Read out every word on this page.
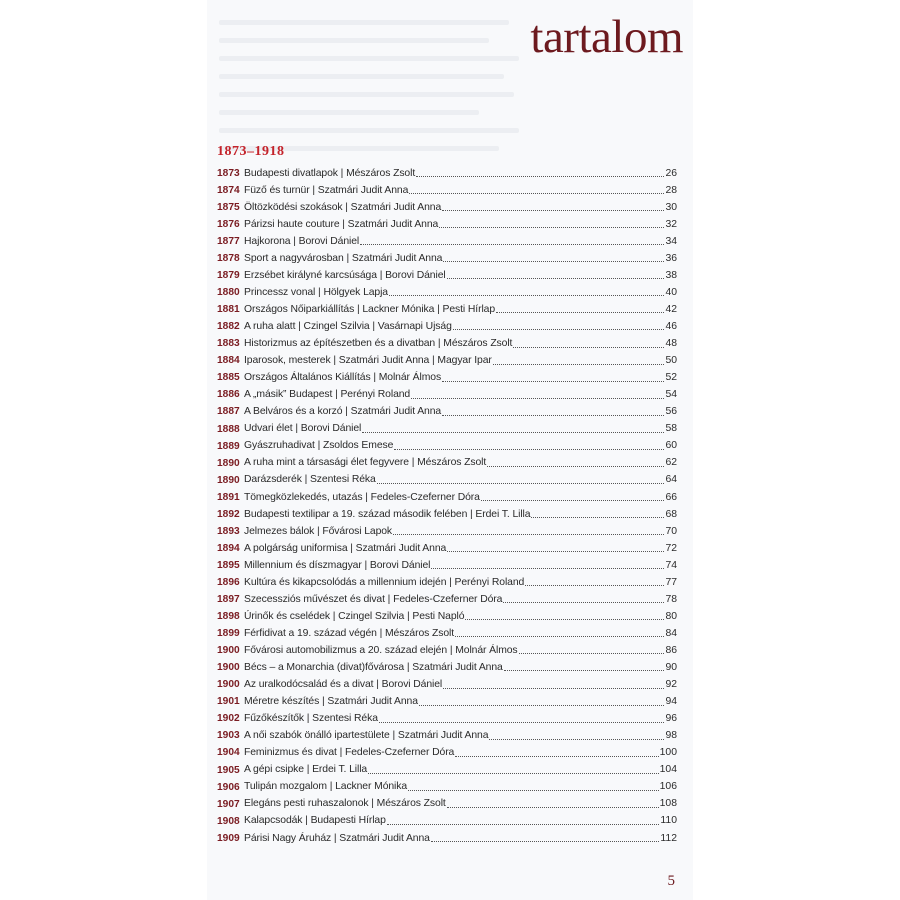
tartalom
1873–1918
1873 Budapesti divatlapok | Mészáros Zsolt	26
1874 Füző és turnür | Szatmári Judit Anna	28
1875 Öltözködési szokások | Szatmári Judit Anna	30
1876 Párizsi haute couture | Szatmári Judit Anna	32
1877 Hajkorona | Borovi Dániel	34
1878 Sport a nagyvárosban | Szatmári Judit Anna	36
1879 Erzsébet királyné karcsúsága | Borovi Dániel	38
1880 Princessz vonal | Hölgyek Lapja	40
1881 Országos Nőiparkiállítás | Lackner Mónika | Pesti Hírlap	42
1882 A ruha alatt | Czingel Szilvia | Vasárnapi Ujság	46
1883 Historizmus az építészetben és a divatban | Mészáros Zsolt	48
1884 Iparosok, mesterek | Szatmári Judit Anna | Magyar Ipar	50
1885 Országos Általános Kiállítás | Molnár Álmos	52
1886 A „másik” Budapest | Perényi Roland	54
1887 A Belváros és a korzó | Szatmári Judit Anna	56
1888 Udvari élet | Borovi Dániel	58
1889 Gyászruhadivat | Zsoldos Emese	60
1890 A ruha mint a társasági élet fegyvere | Mészáros Zsolt	62
1890 Darázsderék | Szentesi Réka	64
1891 Tömegközlekedés, utazás | Fedeles-Czeferner Dóra	66
1892 Budapesti textilipar a 19. század második felében | Erdei T. Lilla	68
1893 Jelmezes bálok | Fővárosi Lapok	70
1894 A polgárság uniformisa | Szatmári Judit Anna	72
1895 Millennium és díszmagyar | Borovi Dániel	74
1896 Kultúra és kikapcsolódás a millennium idején | Perényi Roland	77
1897 Szecessziós művészet és divat | Fedeles-Czeferner Dóra	78
1898 Úrinők és cselédek | Czingel Szilvia | Pesti Napló	80
1899 Férfidivat a 19. század végén | Mészáros Zsolt	84
1900 Fővárosi automobilizmus a 20. század elején | Molnár Álmos	86
1900 Bécs – a Monarchia (divat)fővárosa | Szatmári Judit Anna	90
1900 Az uralkodócsalád és a divat | Borovi Dániel	92
1901 Méretre készítés | Szatmári Judit Anna	94
1902 Fűzőkészítők | Szentesi Réka	96
1903 A női szabók önálló ipartestülete | Szatmári Judit Anna	98
1904 Feminizmus és divat | Fedeles-Czeferner Dóra	100
1905 A gépi csipke | Erdei T. Lilla	104
1906 Tulipán mozgalom | Lackner Mónika	106
1907 Elegáns pesti ruhaszalonok | Mészáros Zsolt	108
1908 Kalapcsodák | Budapesti Hírlap	110
1909 Párisi Nagy Áruház | Szatmári Judit Anna	112
5
